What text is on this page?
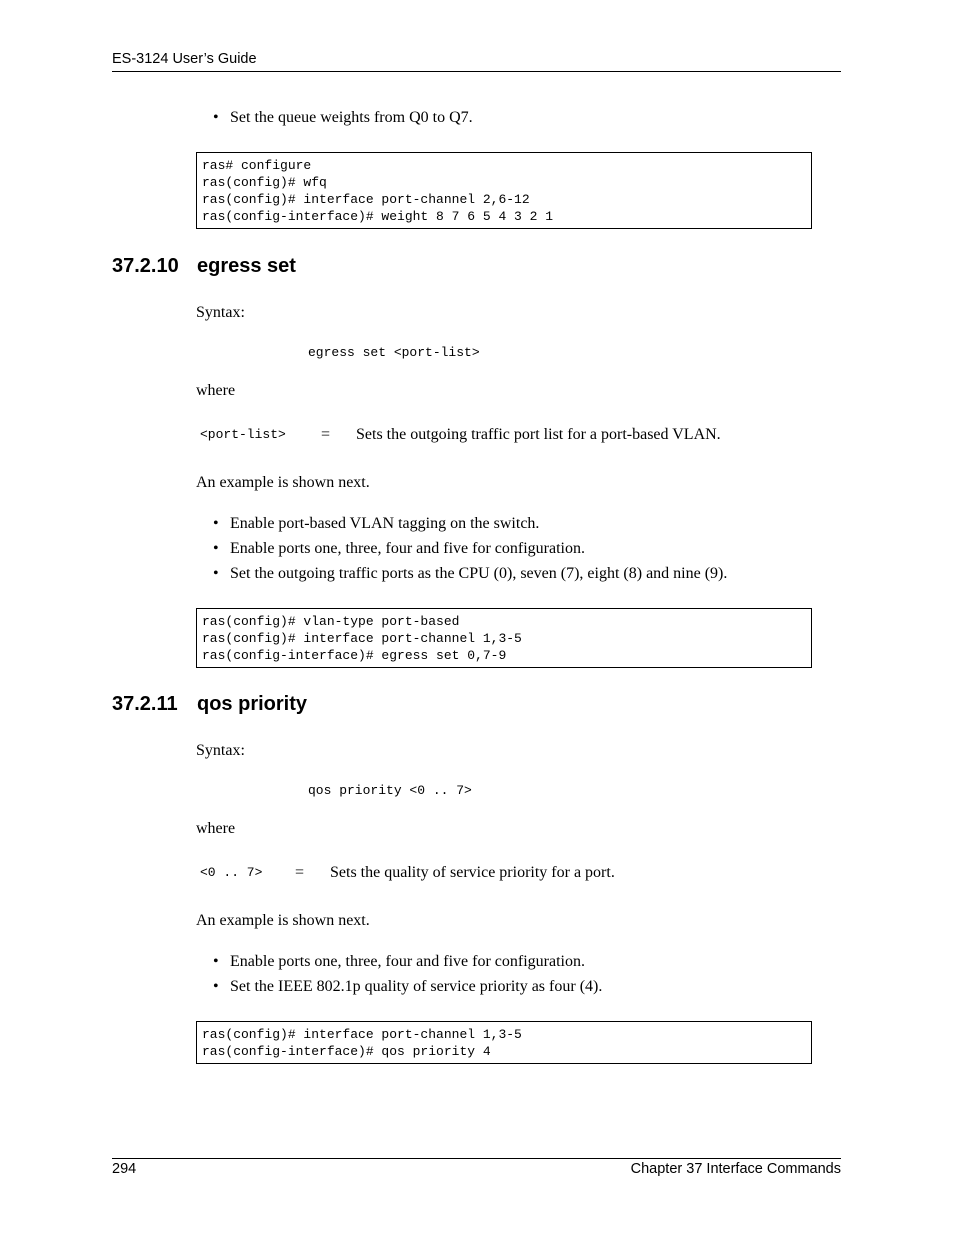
ES-3124 User’s Guide
• Set the queue weights from Q0 to Q7.
ras# configure
ras(config)# wfq
ras(config)# interface port-channel 2,6-12
ras(config-interface)# weight 8 7 6 5 4 3 2 1
37.2.10 egress set
Syntax:
egress set <port-list>
where
<port-list> = Sets the outgoing traffic port list for a port-based VLAN.
An example is shown next.
• Enable port-based VLAN tagging on the switch.
• Enable ports one, three, four and five for configuration.
• Set the outgoing traffic ports as the CPU (0), seven (7), eight (8) and nine (9).
ras(config)# vlan-type port-based
ras(config)# interface port-channel 1,3-5
ras(config-interface)# egress set 0,7-9
37.2.11 qos priority
Syntax:
qos priority <0 .. 7>
where
<0 .. 7> = Sets the quality of service priority for a port.
An example is shown next.
• Enable ports one, three, four and five for configuration.
• Set the IEEE 802.1p quality of service priority as four (4).
ras(config)# interface port-channel 1,3-5
ras(config-interface)# qos priority 4
294	Chapter 37 Interface Commands
